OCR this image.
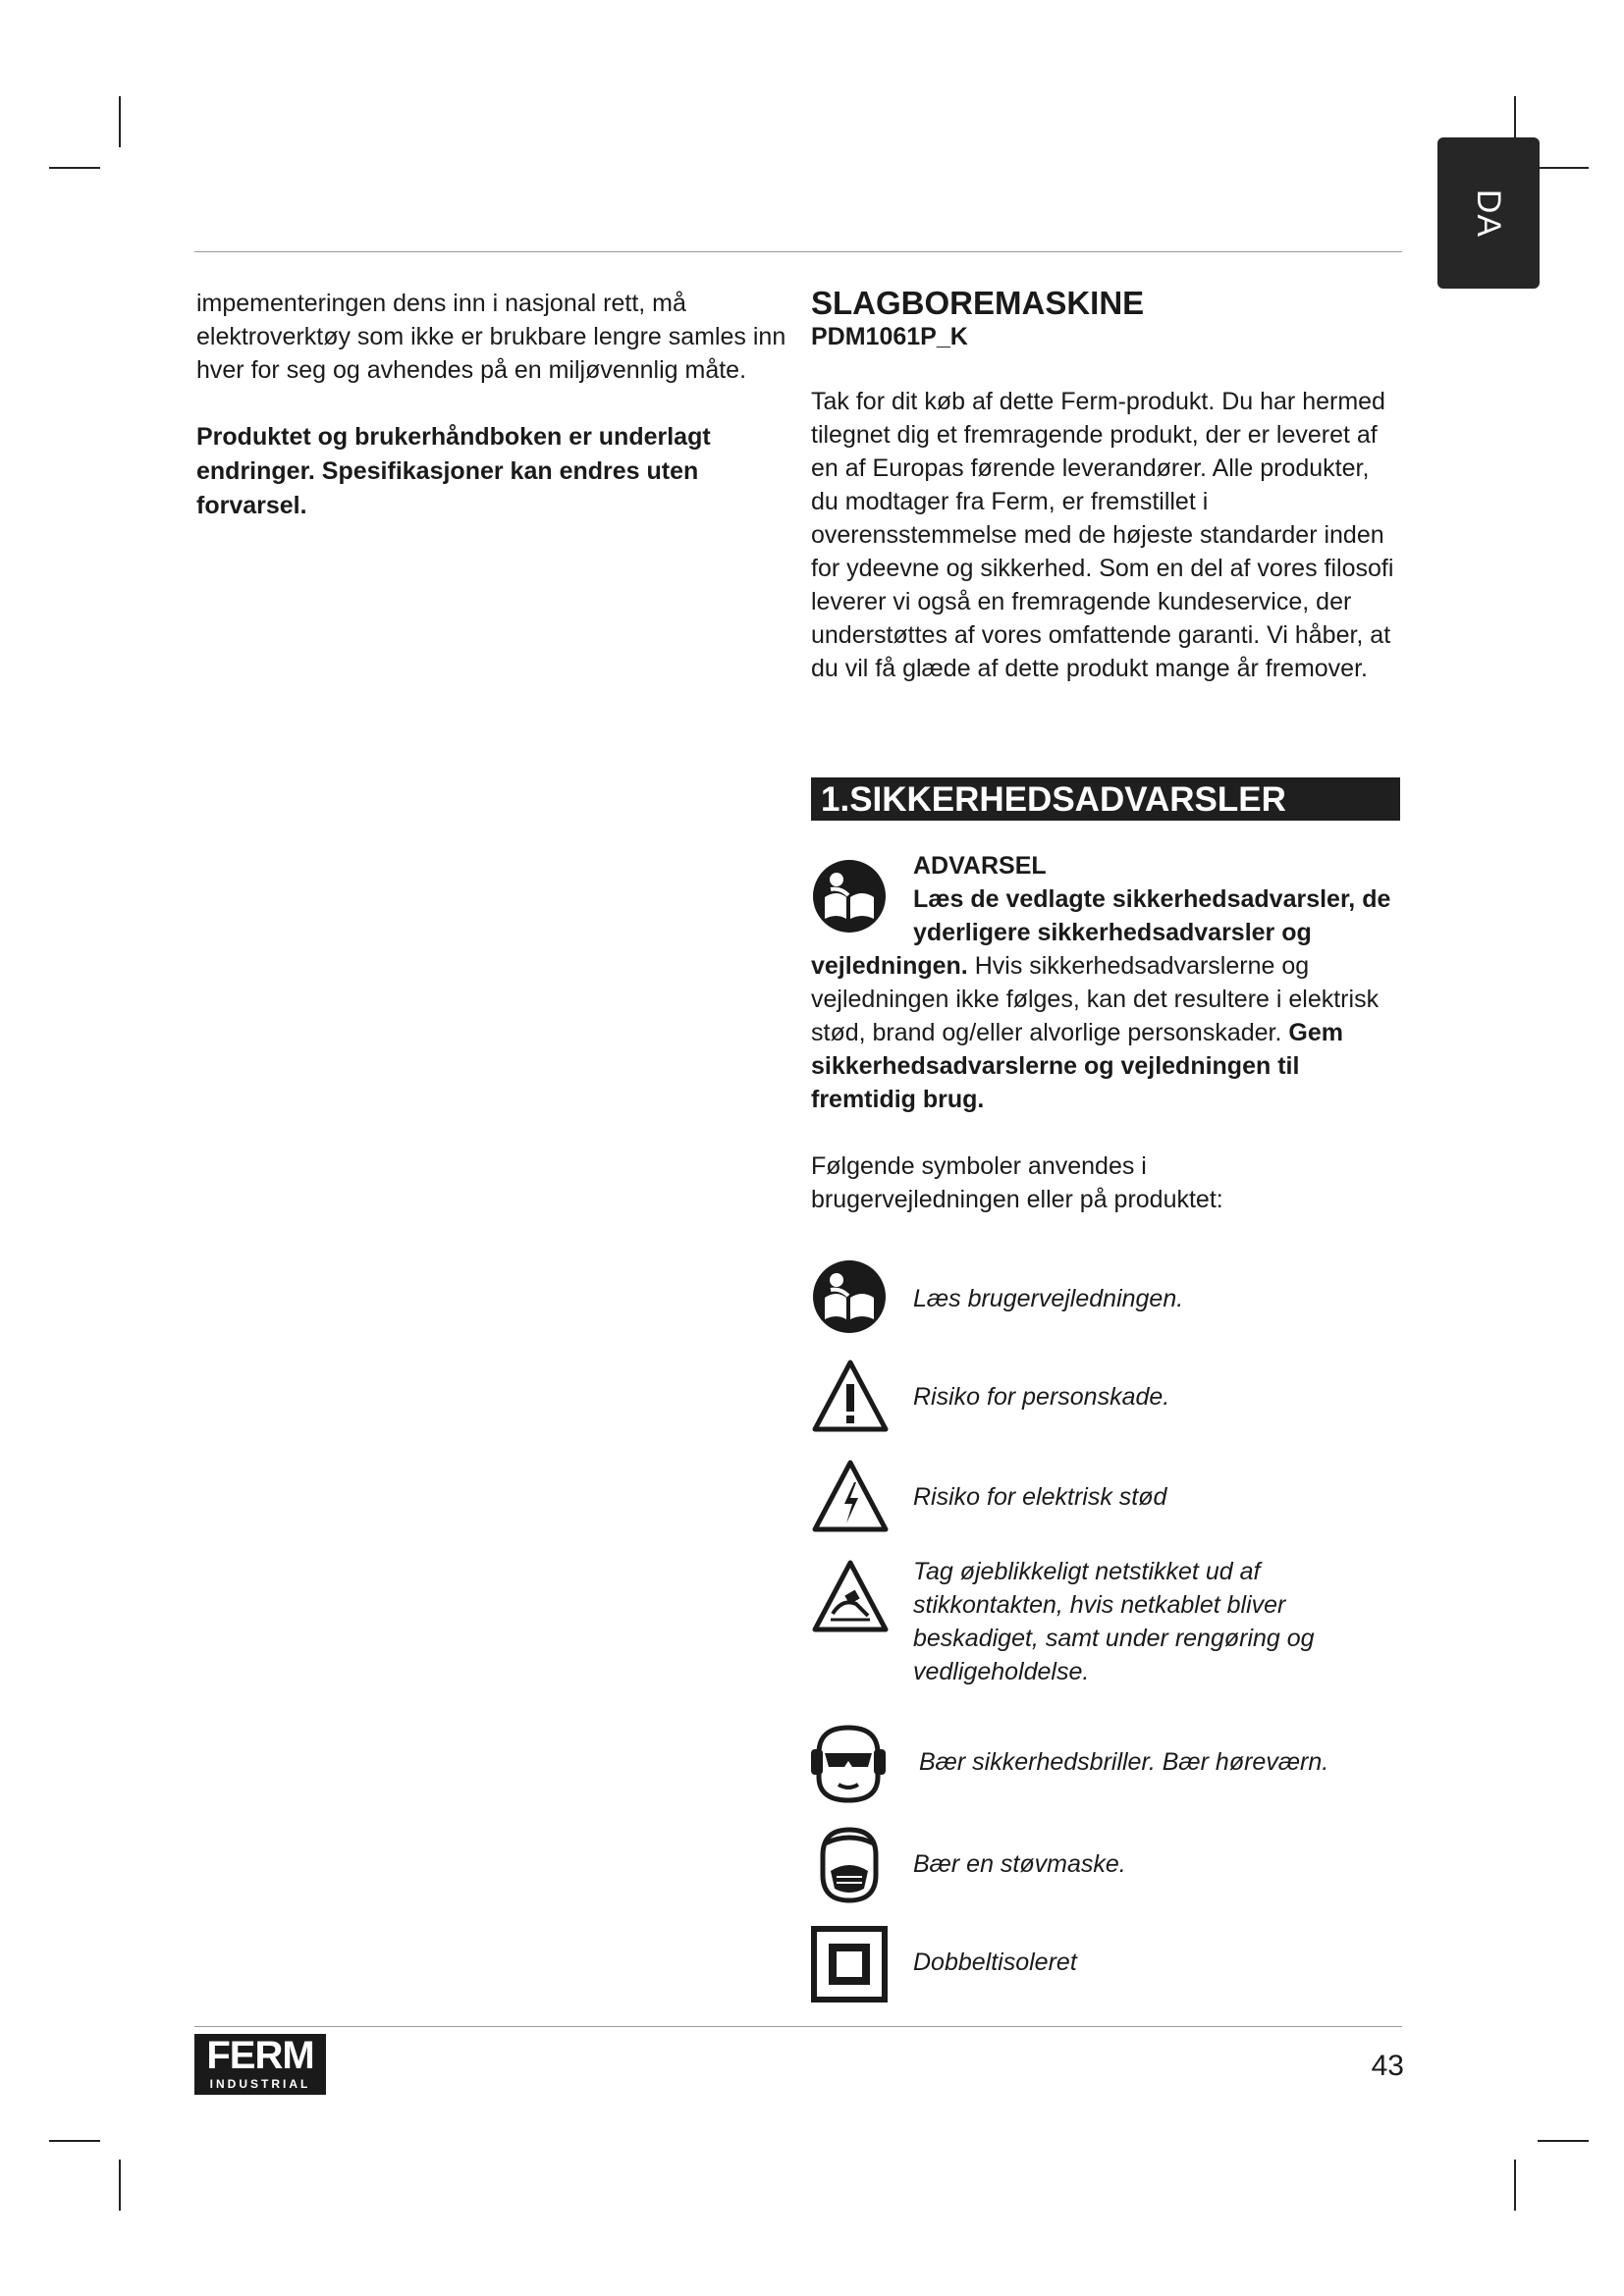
DA

impementeringen dens inn i nasjonal rett, må elektroverktøy som ikke er brukbare lengre samles inn hver for seg og avhendes på en miljøvennlig måte.

Produktet og brukerhåndboken er underlagt endringer. Spesifikasjoner kan endres uten forvarsel.

SLAGBOREMASKINE

PDM1061P_K

Tak for dit køb af dette Ferm-produkt. Du har hermed tilegnet dig et fremragende produkt, der er leveret af en af Europas førende leverandører. Alle produkter, du modtager fra Ferm, er fremstillet i overensstemmelse med de højeste standarder inden for ydeevne og sikkerhed. Som en del af vores filosofi leverer vi også en fremragende kundeservice, der understøttes af vores omfattende garanti. Vi håber, at du vil få glæde af dette produkt mange år fremover.

1.SIKKERHEDSADVARSLER
ADVARSEL
Læs de vedlagte sikkerhedsadvarsler, de yderligere sikkerhedsadvarsler og vejledningen. Hvis sikkerhedsadvarslerne og vejledningen ikke følges, kan det resultere i elektrisk stød, brand og/eller alvorlige personskader. Gem sikkerhedsadvarslerne og vejledningen til fremtidig brug.

Følgende symboler anvendes i brugervejledningen eller på produktet:

Læs brugervejledningen.
Risiko for personskade.
Risiko for elektrisk stød
Tag øjeblikkeligt netstikket ud af stikkontakten, hvis netkablet bliver beskadiget, samt under rengøring og vedligeholdelse.
Bær sikkerhedsbriller. Bær høreværn.
Bær en støvmaske.
Dobbeltisoleret
FERM
INDUSTRIAL
43
